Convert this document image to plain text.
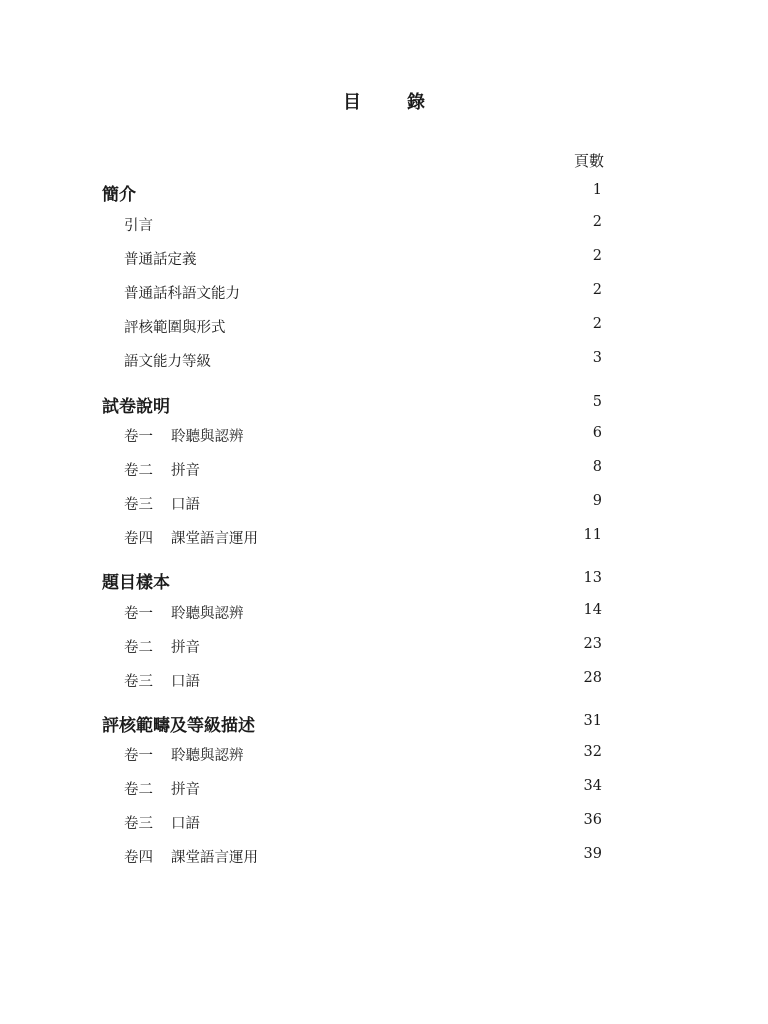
目　錄
頁數
簡介	1
引言	2
普通話定義	2
普通話科語文能力	2
評核範圍與形式	2
語文能力等級	3
試卷說明	5
卷一 聆聽與認辨	6
卷二 拼音	8
卷三 口語	9
卷四 課堂語言運用	11
題目樣本	13
卷一 聆聽與認辨	14
卷二 拼音	23
卷三 口語	28
評核範疇及等級描述	31
卷一 聆聽與認辨	32
卷二 拼音	34
卷三 口語	36
卷四 課堂語言運用	39
